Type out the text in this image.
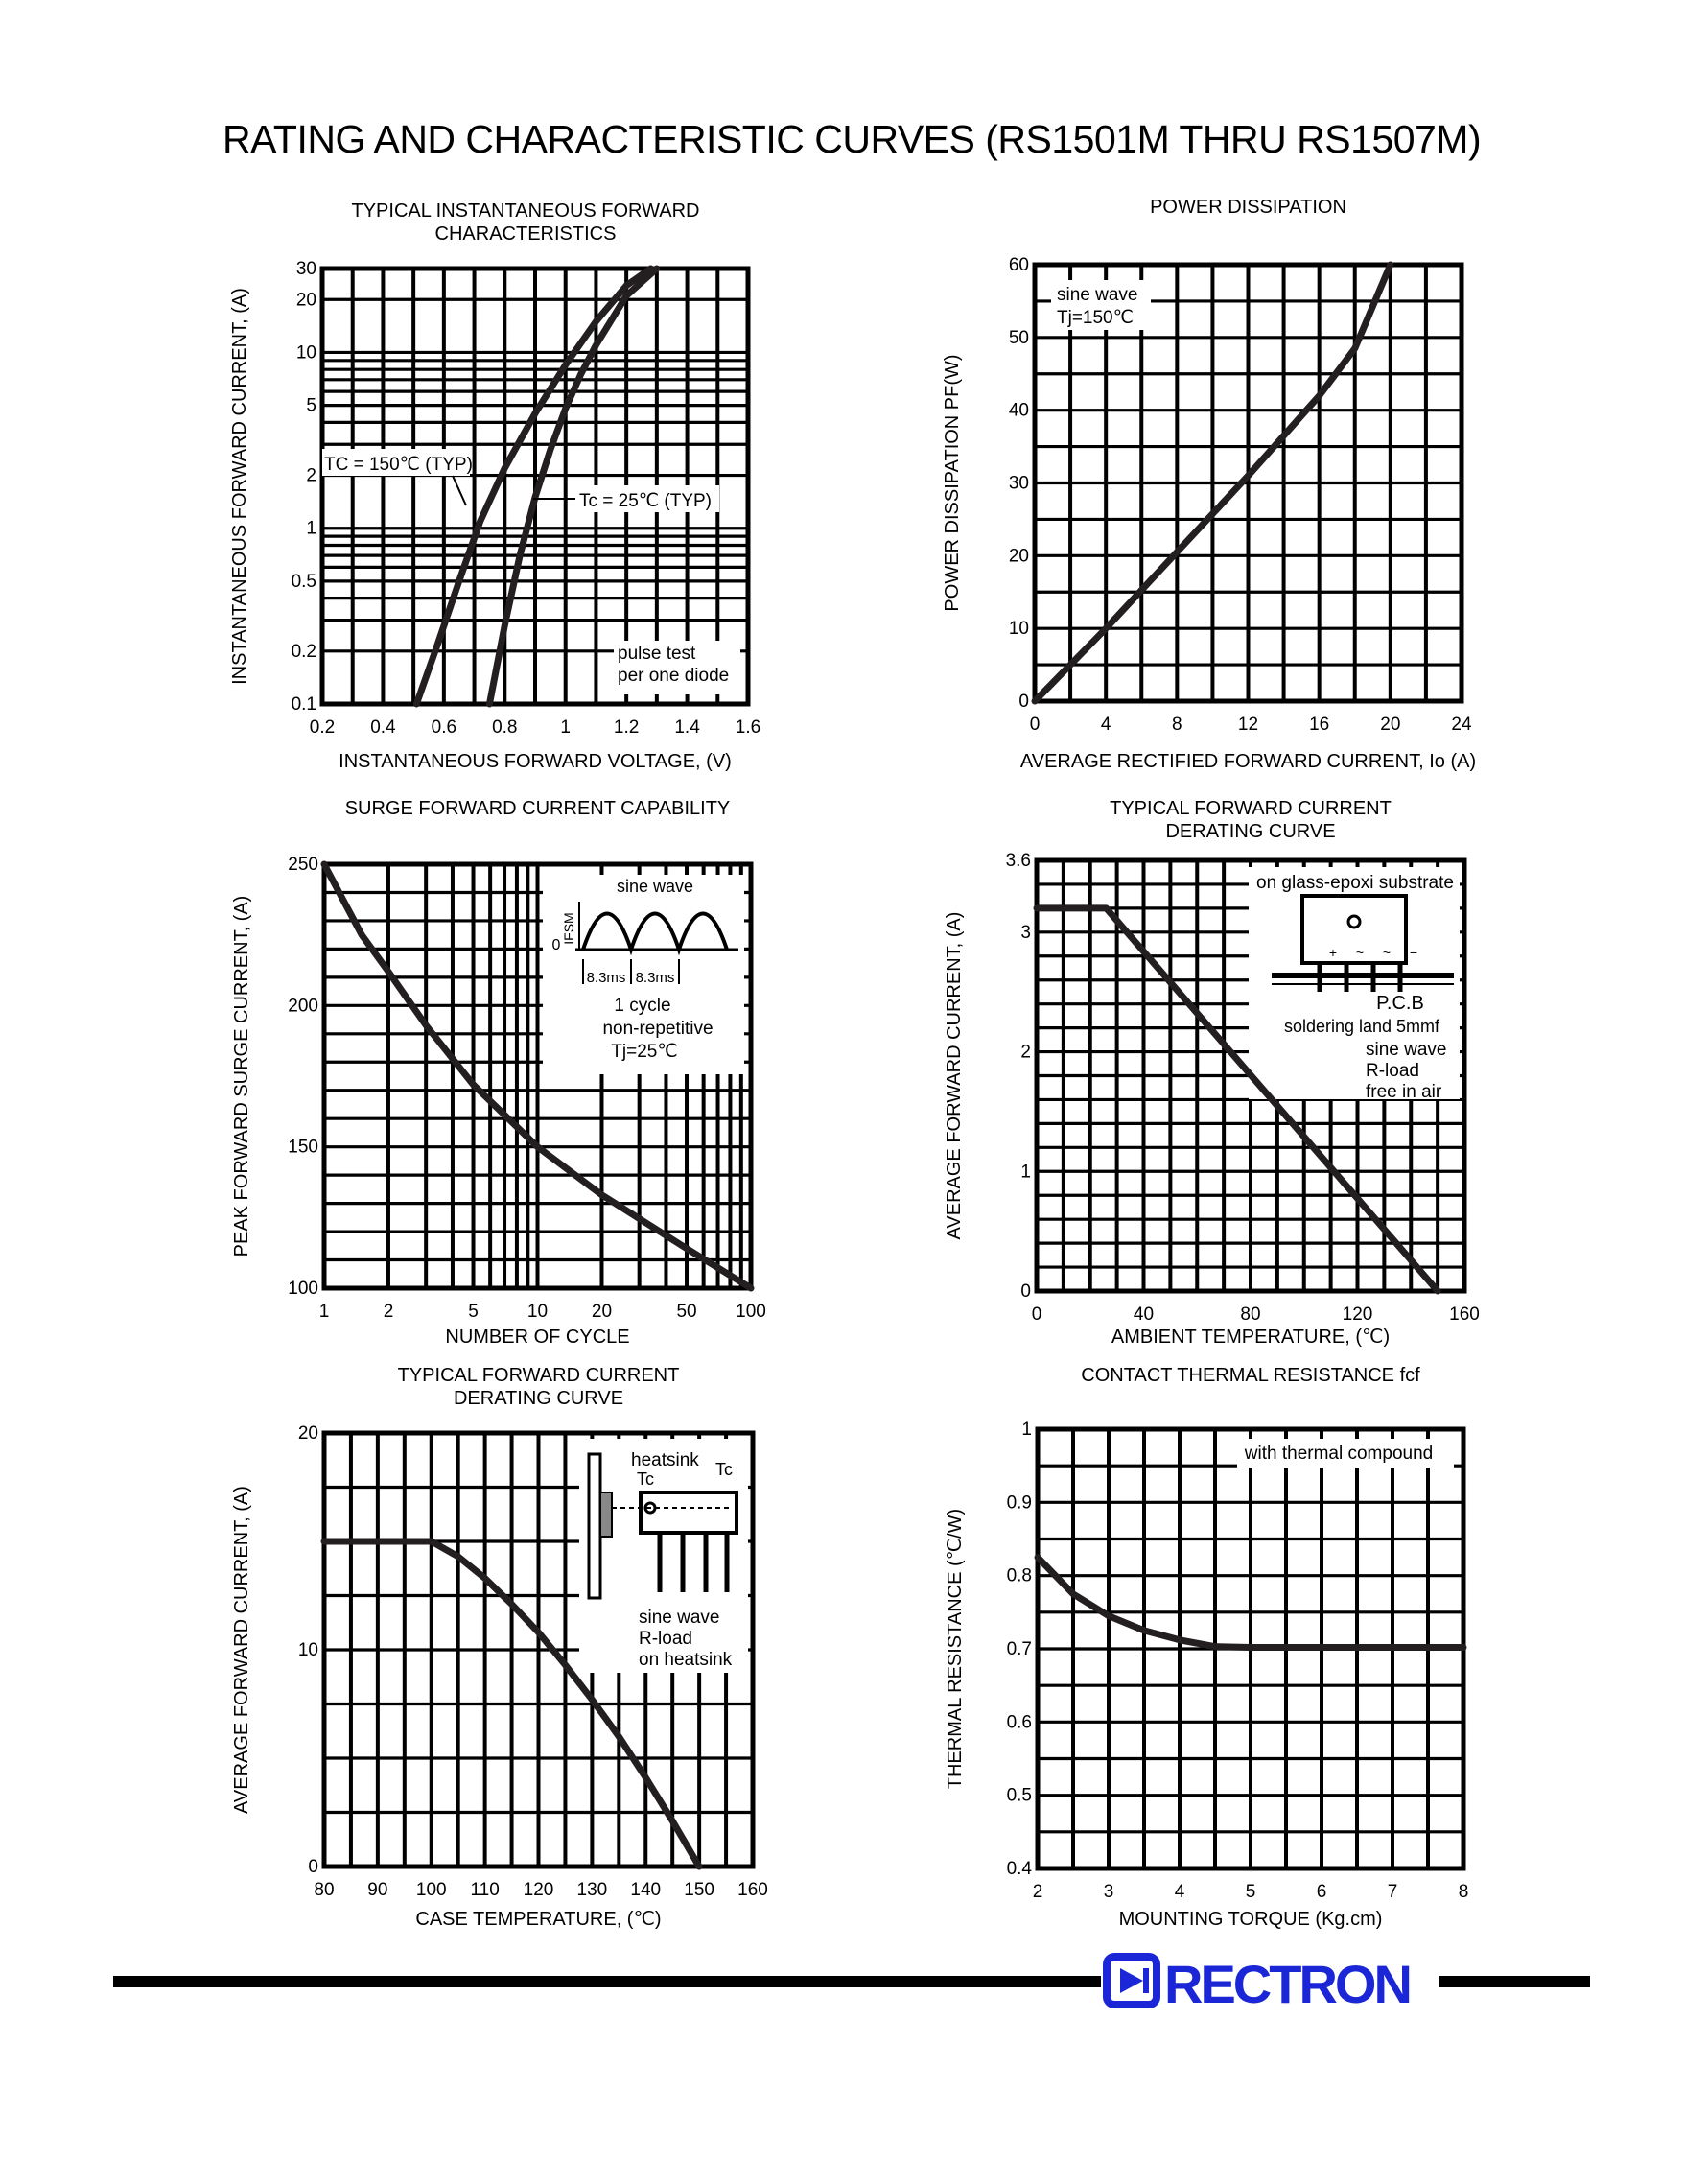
RATING AND CHARACTERISTIC CURVES (RS1501M THRU RS1507M)
TYPICAL INSTANTANEOUS FORWARD
CHARACTERISTICS
INSTANTANEOUS FORWARD VOLTAGE, (V)
INSTANTANEOUS FORWARD CURRENT, (A)
0.2 0.4 0.6 0.8 1 1.2 1.4 1.6
0.1
0.2
0.5
1
2
5
10
20
30
TC = 150℃ (TYP)
Tc = 25℃ (TYP)
pulse test
per one diode
POWER DISSIPATION
AVERAGE RECTIFIED FORWARD CURRENT, Io (A)
POWER DISSIPATION PF(W)
0	4	8	12	16	20	24
0
10
20
30
40
50
60
sine wave
Tj=150℃
SURGE FORWARD CURRENT CAPABILITY
NUMBER OF CYCLE
PEAK FORWARD SURGE CURRENT, (A)
1	2	5	10 20	50 100
100
150
200
250
sine wave
IFSM
0
8.3ms 8.3ms
1 cycle
non-repetitive
Tj=25℃
TYPICAL FORWARD CURRENT
DERATING CURVE
AMBIENT TEMPERATURE, (℃)
AVERAGE FORWARD CURRENT, (A)
0	40	80	120	160
0
1
2
3
3.6
on glass-epoxi substrate
+ ~ ~ −
P.C.B
soldering land 5mmf
sine wave
R-load
free in air
TYPICAL FORWARD CURRENT
DERATING CURVE
CASE TEMPERATURE, (℃)
AVERAGE FORWARD CURRENT, (A)
80 90 100 110 120 130 140 150 160
0
10
20
heatsink
Tc	Tc
sine wave
R-load
on heatsink
CONTACT THERMAL RESISTANCE fcf
MOUNTING TORQUE (Kg.cm)
THERMAL RESISTANCE (℃/W)
2	3	4	5	6	7	8
0.4
0.5
0.6
0.7
0.8
0.9
1
with thermal compound
RECTRON
